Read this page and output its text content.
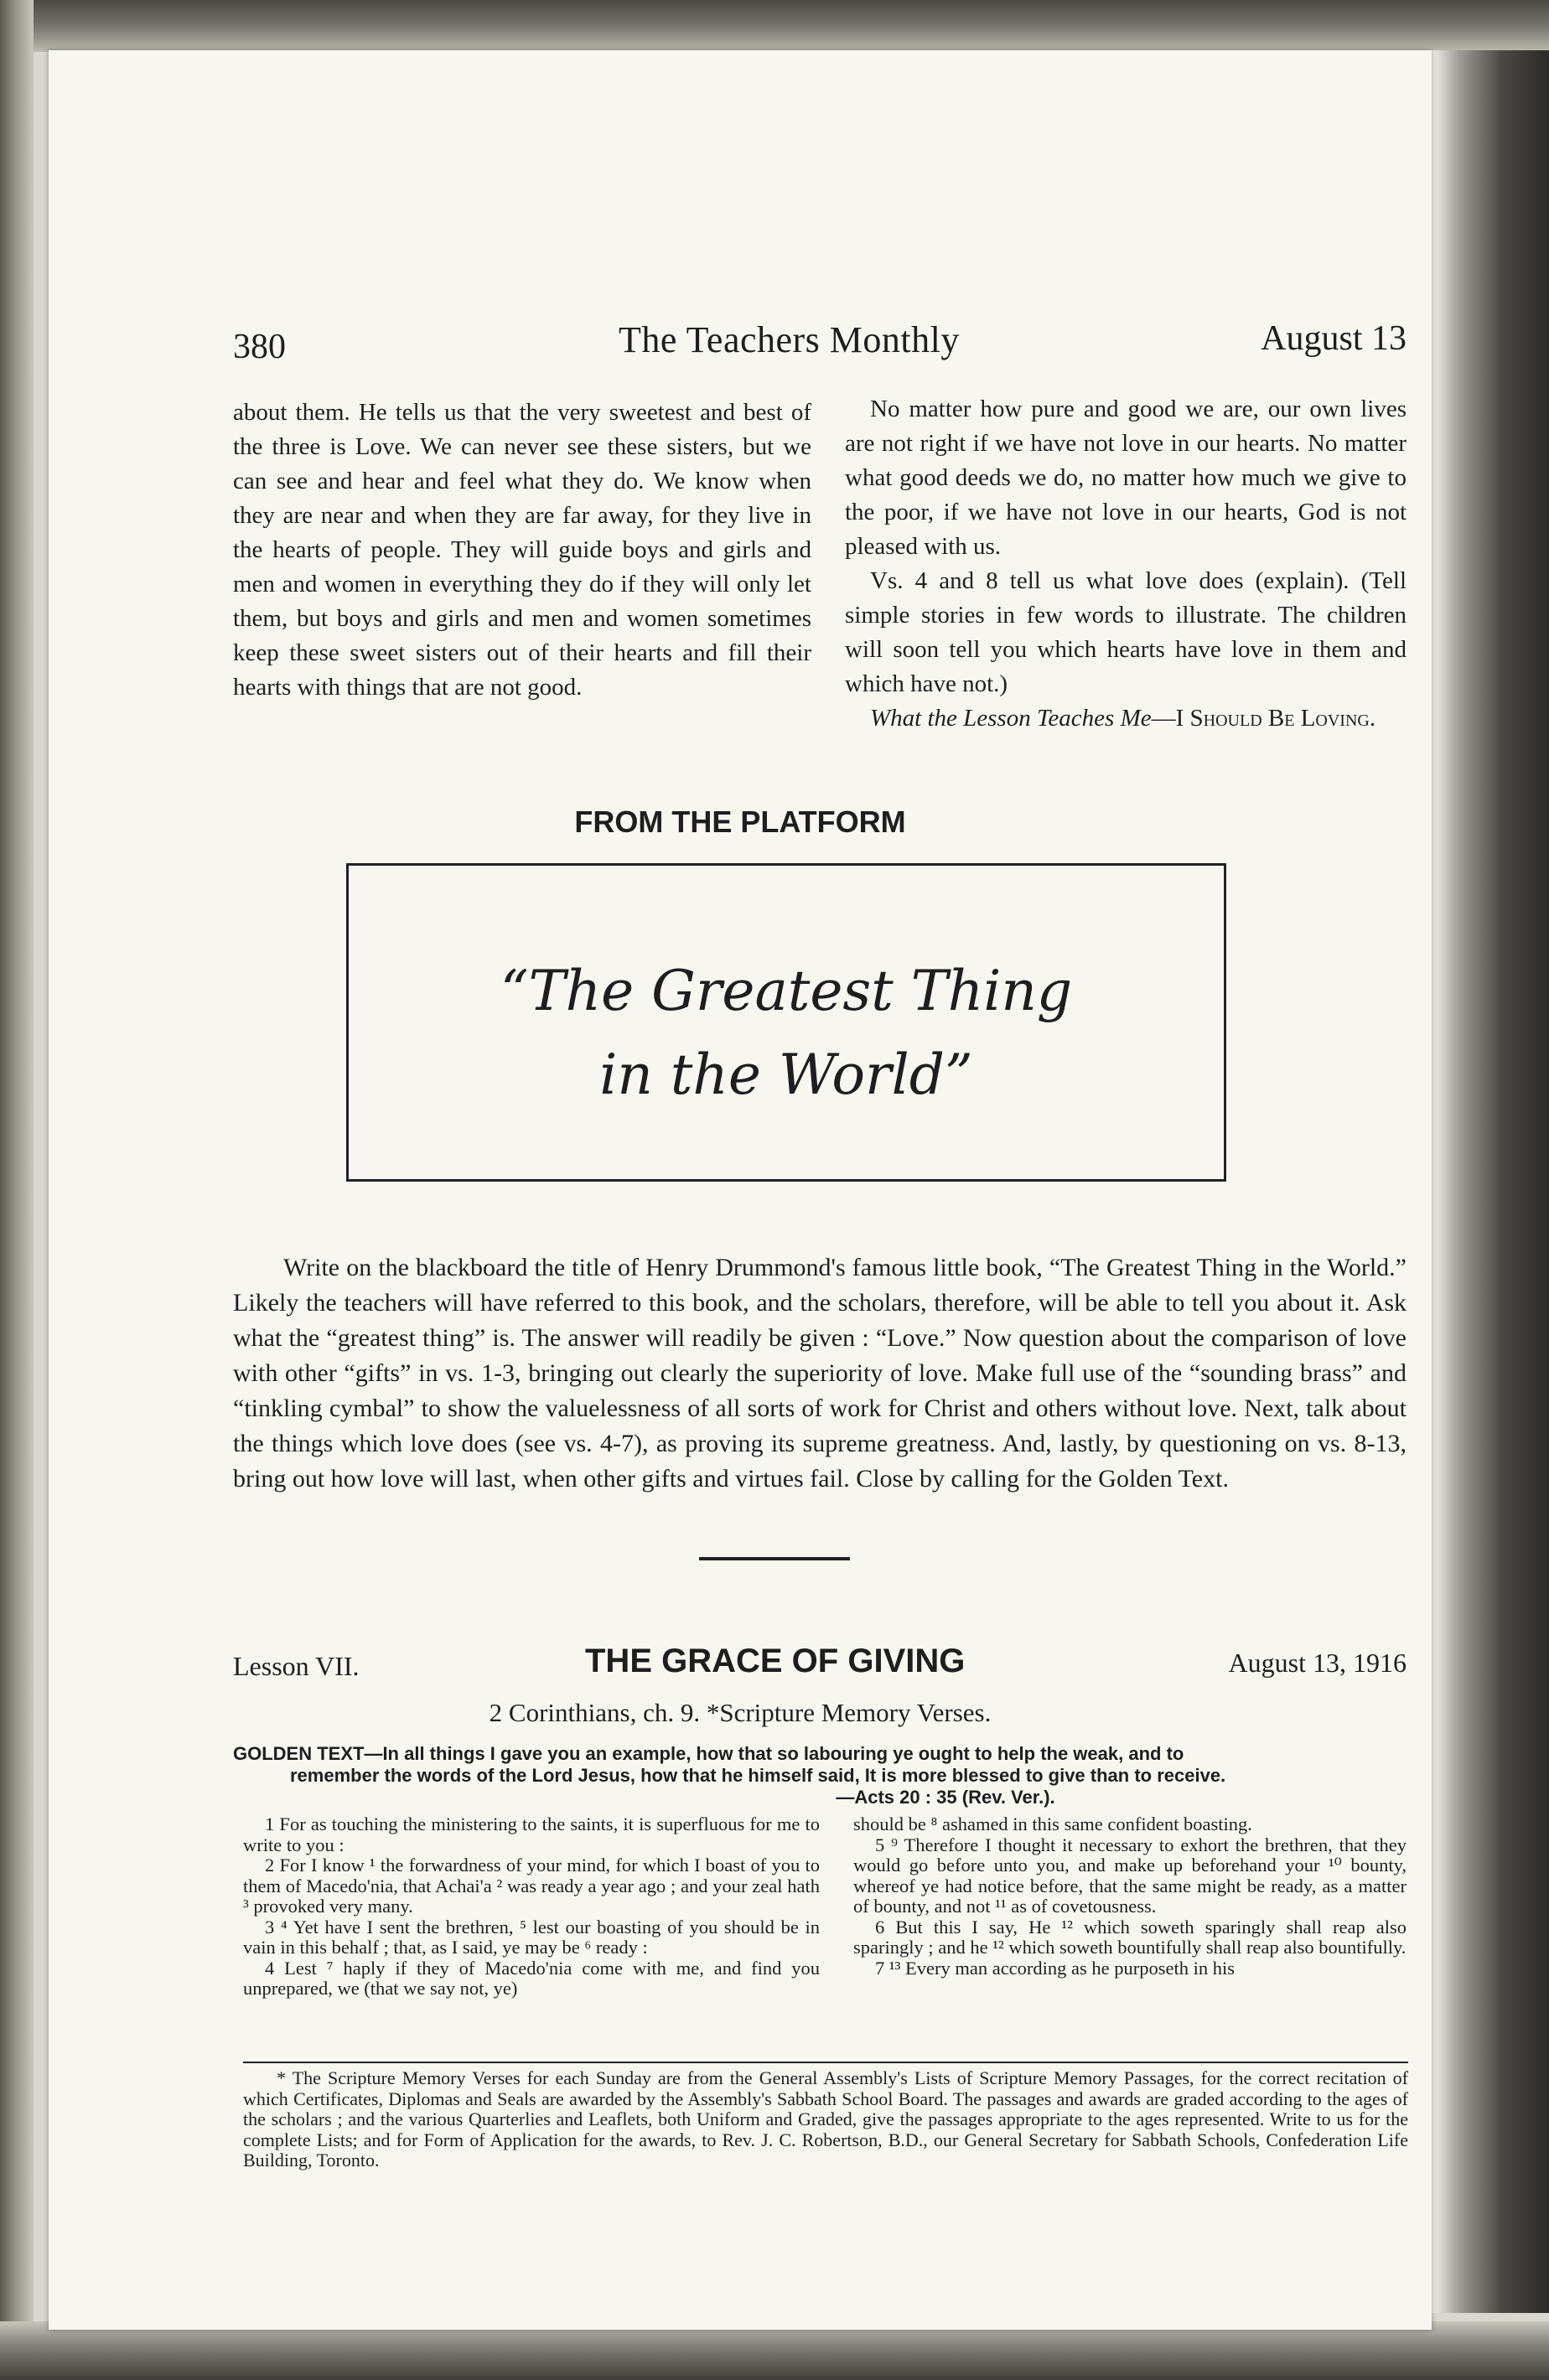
380	The Teachers Monthly	August 13

about them. He tells us that the very sweetest and best of the three is Love. We can never see these sisters, but we can see and hear and feel what they do. We know when they are near and when they are far away, for they live in the hearts of people. They will guide boys and girls and men and women in everything they do if they will only let them, but boys and girls and men and women sometimes keep these sweet sisters out of their hearts and fill their hearts with things that are not good.

No matter how pure and good we are, our own lives are not right if we have not love in our hearts. No matter what good deeds we do, no matter how much we give to the poor, if we have not love in our hearts, God is not pleased with us.

Vs. 4 and 8 tell us what love does (explain). (Tell simple stories in few words to illustrate. The children will soon tell you which hearts have love in them and which have not.)

What the Lesson Teaches Me—I Should Be Loving.

FROM THE PLATFORM
“The Greatest Thing
in the World”

Write on the blackboard the title of Henry Drummond's famous little book, “The Greatest Thing in the World.” Likely the teachers will have referred to this book, and the scholars, therefore, will be able to tell you about it. Ask what the “greatest thing” is. The answer will readily be given : “Love.” Now question about the comparison of love with other “gifts” in vs. 1-3, bringing out clearly the superiority of love. Make full use of the “sounding brass” and “tinkling cymbal” to show the valuelessness of all sorts of work for Christ and others without love. Next, talk about the things which love does (see vs. 4-7), as proving its supreme greatness. And, lastly, by questioning on vs. 8-13, bring out how love will last, when other gifts and virtues fail. Close by calling for the Golden Text.

Lesson VII.	THE GRACE OF GIVING	August 13, 1916
2 Corinthians, ch. 9. *Scripture Memory Verses.
GOLDEN TEXT—In all things I gave you an example, how that so labouring ye ought to help the weak, and to
remember the words of the Lord Jesus, how that he himself said, It is more blessed to give than to receive.
—Acts 20 : 35 (Rev. Ver.).

1 For as touching the ministering to the saints, it is superfluous for me to write to you :

2 For I know ¹ the forwardness of your mind, for which I boast of you to them of Macedo'nia, that Achai'a ² was ready a year ago ; and your zeal hath ³ provoked very many.

3 ⁴ Yet have I sent the brethren, ⁵ lest our boasting of you should be in vain in this behalf ; that, as I said, ye may be ⁶ ready :

4 Lest ⁷ haply if they of Macedo'nia come with me, and find you unprepared, we (that we say not, ye)

should be ⁸ ashamed in this same confident boasting.

5 ⁹ Therefore I thought it necessary to exhort the brethren, that they would go before unto you, and make up beforehand your ¹⁰ bounty, whereof ye had notice before, that the same might be ready, as a matter of bounty, and not ¹¹ as of covetousness.

6 But this I say, He ¹² which soweth sparingly shall reap also sparingly ; and he ¹² which soweth bountifully shall reap also bountifully.

7 ¹³ Every man according as he purposeth in his

* The Scripture Memory Verses for each Sunday are from the General Assembly's Lists of Scripture Memory Passages, for the correct recitation of which Certificates, Diplomas and Seals are awarded by the Assembly's Sabbath School Board. The passages and awards are graded according to the ages of the scholars ; and the various Quarterlies and Leaflets, both Uniform and Graded, give the passages appropriate to the ages represented. Write to us for the complete Lists; and for Form of Application for the awards, to Rev. J. C. Robertson, B.D., our General Secretary for Sabbath Schools, Confederation Life Building, Toronto.
